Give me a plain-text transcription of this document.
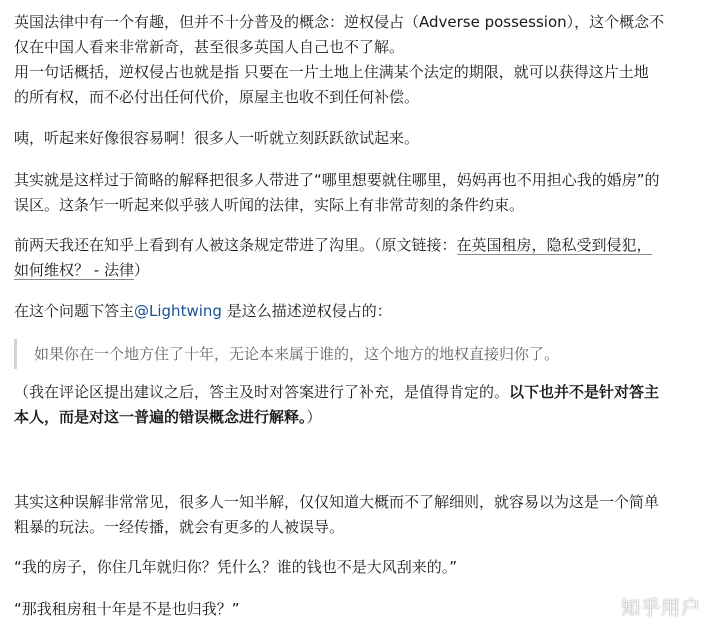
英国法律中有一个有趣，但并不十分普及的概念：逆权侵占（Adverse possession），这个概念不
仅在中国人看来非常新奇，甚至很多英国人自己也不了解。
用一句话概括，逆权侵占也就是指 只要在一片土地上住满某个法定的期限，就可以获得这片土地
的所有权，而不必付出任何代价，原屋主也收不到任何补偿。
咦，听起来好像很容易啊！很多人一听就立刻跃跃欲试起来。
其实就是这样过于简略的解释把很多人带进了“哪里想要就住哪里，妈妈再也不用担心我的婚房”的
误区。这条乍一听起来似乎骇人听闻的法律，实际上有非常苛刻的条件约束。
前两天我还在知乎上看到有人被这条规定带进了沟里。（原文链接：在英国租房，隐私受到侵犯，
如何维权？ - 法律）
在这个问题下答主@Lightwing 是这么描述逆权侵占的：
如果你在一个地方住了十年，无论本来属于谁的，这个地方的地权直接归你了。
（我在评论区提出建议之后，答主及时对答案进行了补充，是值得肯定的。以下也并不是针对答主
本人，而是对这一普遍的错误概念进行解释。）
其实这种误解非常常见，很多人一知半解，仅仅知道大概而不了解细则，就容易以为这是一个简单
粗暴的玩法。一经传播，就会有更多的人被误导。
“我的房子，你住几年就归你？凭什么？谁的钱也不是大风刮来的。”
“那我租房租十年是不是也归我？”	知乎用户
